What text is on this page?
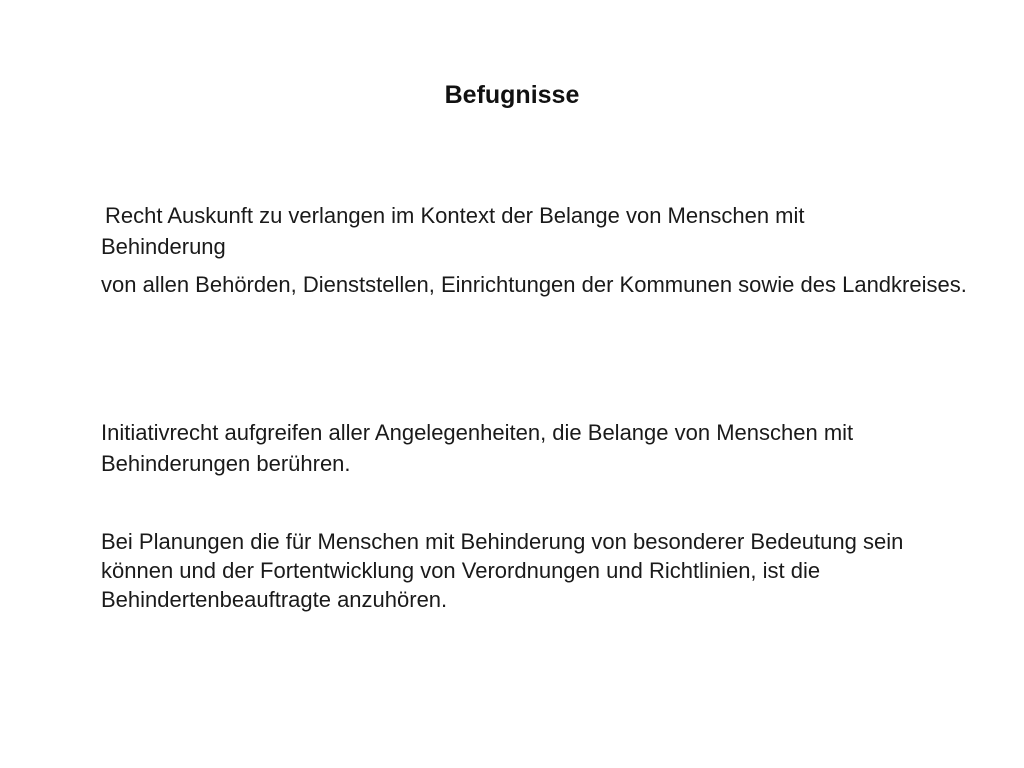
Befugnisse

Recht Auskunft zu verlangen im Kontext der Belange von Menschen mit
Behinderung

von allen Behörden, Dienststellen, Einrichtungen der Kommunen sowie des Landkreises.

Initiativrecht aufgreifen aller Angelegenheiten, die Belange von Menschen mit Behinderungen berühren.

Bei Planungen die für Menschen mit Behinderung von besonderer Bedeutung sein können und der Fortentwicklung von Verordnungen und Richtlinien, ist die Behindertenbeauftragte anzuhören.
